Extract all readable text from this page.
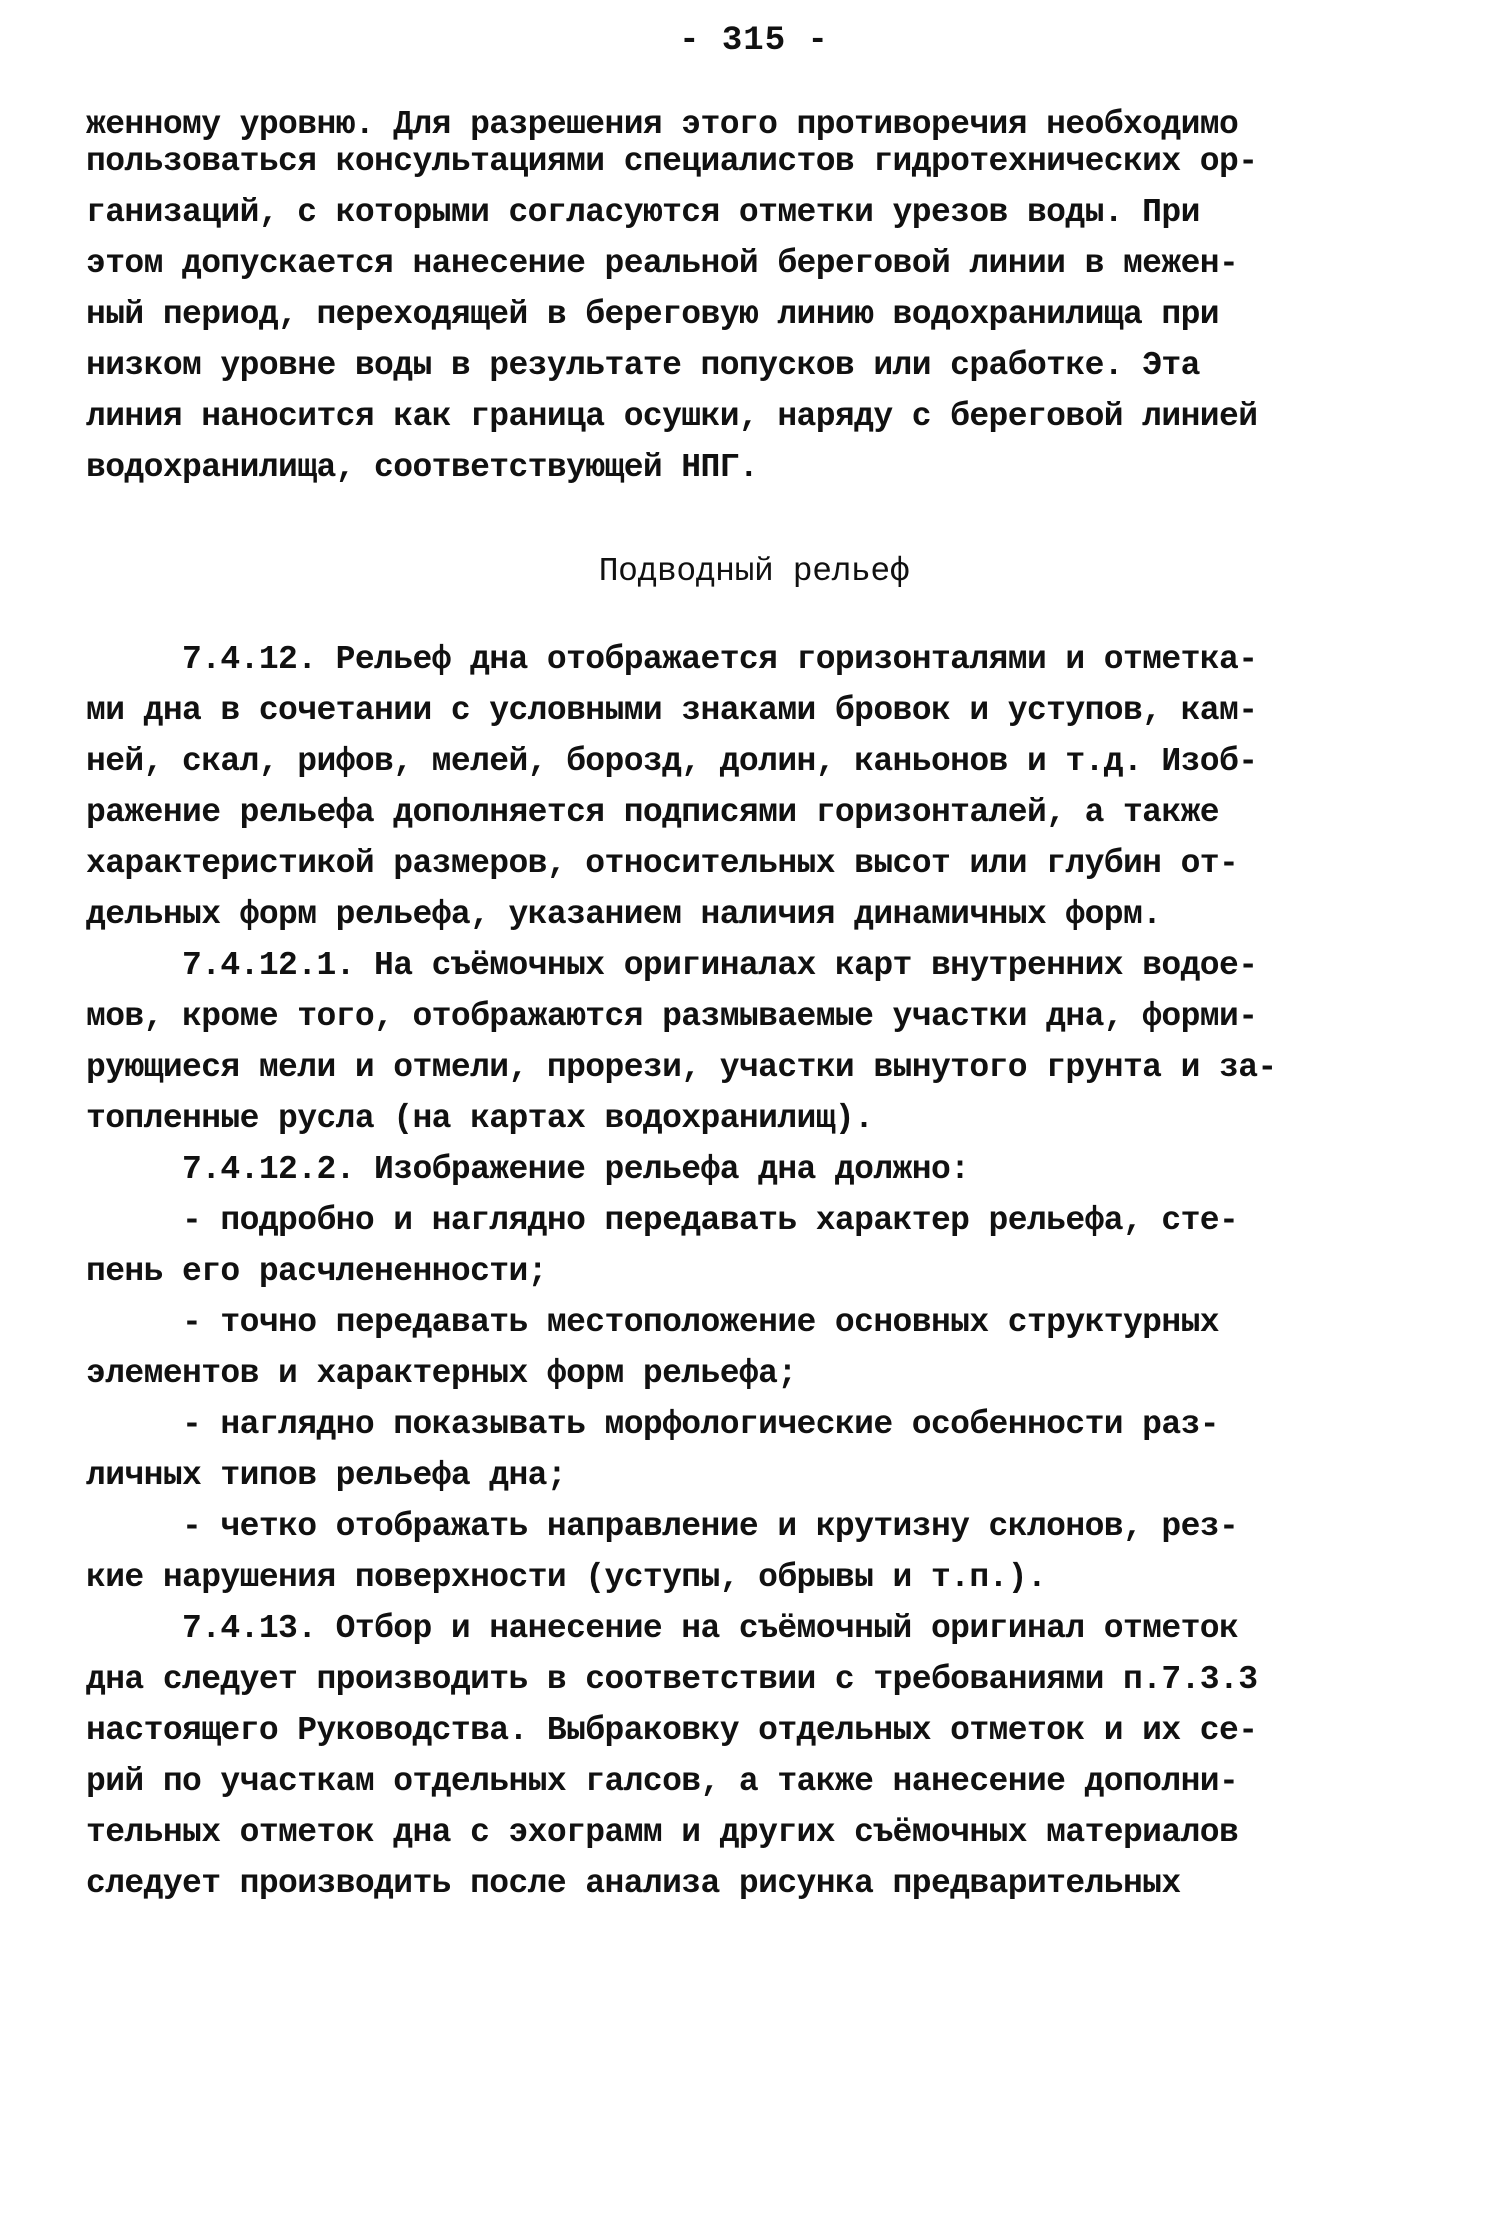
- 315 -
женному уровню. Для разрешения этого противоречия необходимо
пользоваться консультациями специалистов гидротехнических ор-
ганизаций, с которыми согласуются отметки урезов воды. При
этом допускается нанесение реальной береговой линии в межен-
ный период, переходящей в береговую линию водохранилища при
низком уровне воды в результате попусков или сработке. Эта
линия наносится как граница осушки, наряду с береговой линией
водохранилища, соответствующей НПГ.
Подводный рельеф
7.4.12. Рельеф дна отображается горизонталями и отметка-
ми дна в сочетании с условными знаками бровок и уступов, кам-
ней, скал, рифов, мелей, борозд, долин, каньонов и т.д. Изоб-
ражение рельефа дополняется подписями горизонталей, а также
характеристикой размеров, относительных высот или глубин от-
дельных форм рельефа, указанием наличия динамичных форм.
7.4.12.1. На съёмочных оригиналах карт внутренних водое-
мов, кроме того, отображаются размываемые участки дна, форми-
рующиеся мели и отмели, прорези, участки вынутого грунта и за-
топленные русла (на картах водохранилищ).
7.4.12.2. Изображение рельефа дна должно:
- подробно и наглядно передавать характер рельефа, сте-
пень его расчлененности;
- точно передавать местоположение основных структурных
элементов и характерных форм рельефа;
- наглядно показывать морфологические особенности раз-
личных типов рельефа дна;
- четко отображать направление и крутизну склонов, рез-
кие нарушения поверхности (уступы, обрывы и т.п.).
7.4.13. Отбор и нанесение на съёмочный оригинал отметок
дна следует производить в соответствии с требованиями п.7.3.3
настоящего Руководства. Выбраковку отдельных отметок и их се-
рий по участкам отдельных галсов, а также нанесение дополни-
тельных отметок дна с эхограмм и других съёмочных материалов
следует производить после анализа рисунка предварительных
